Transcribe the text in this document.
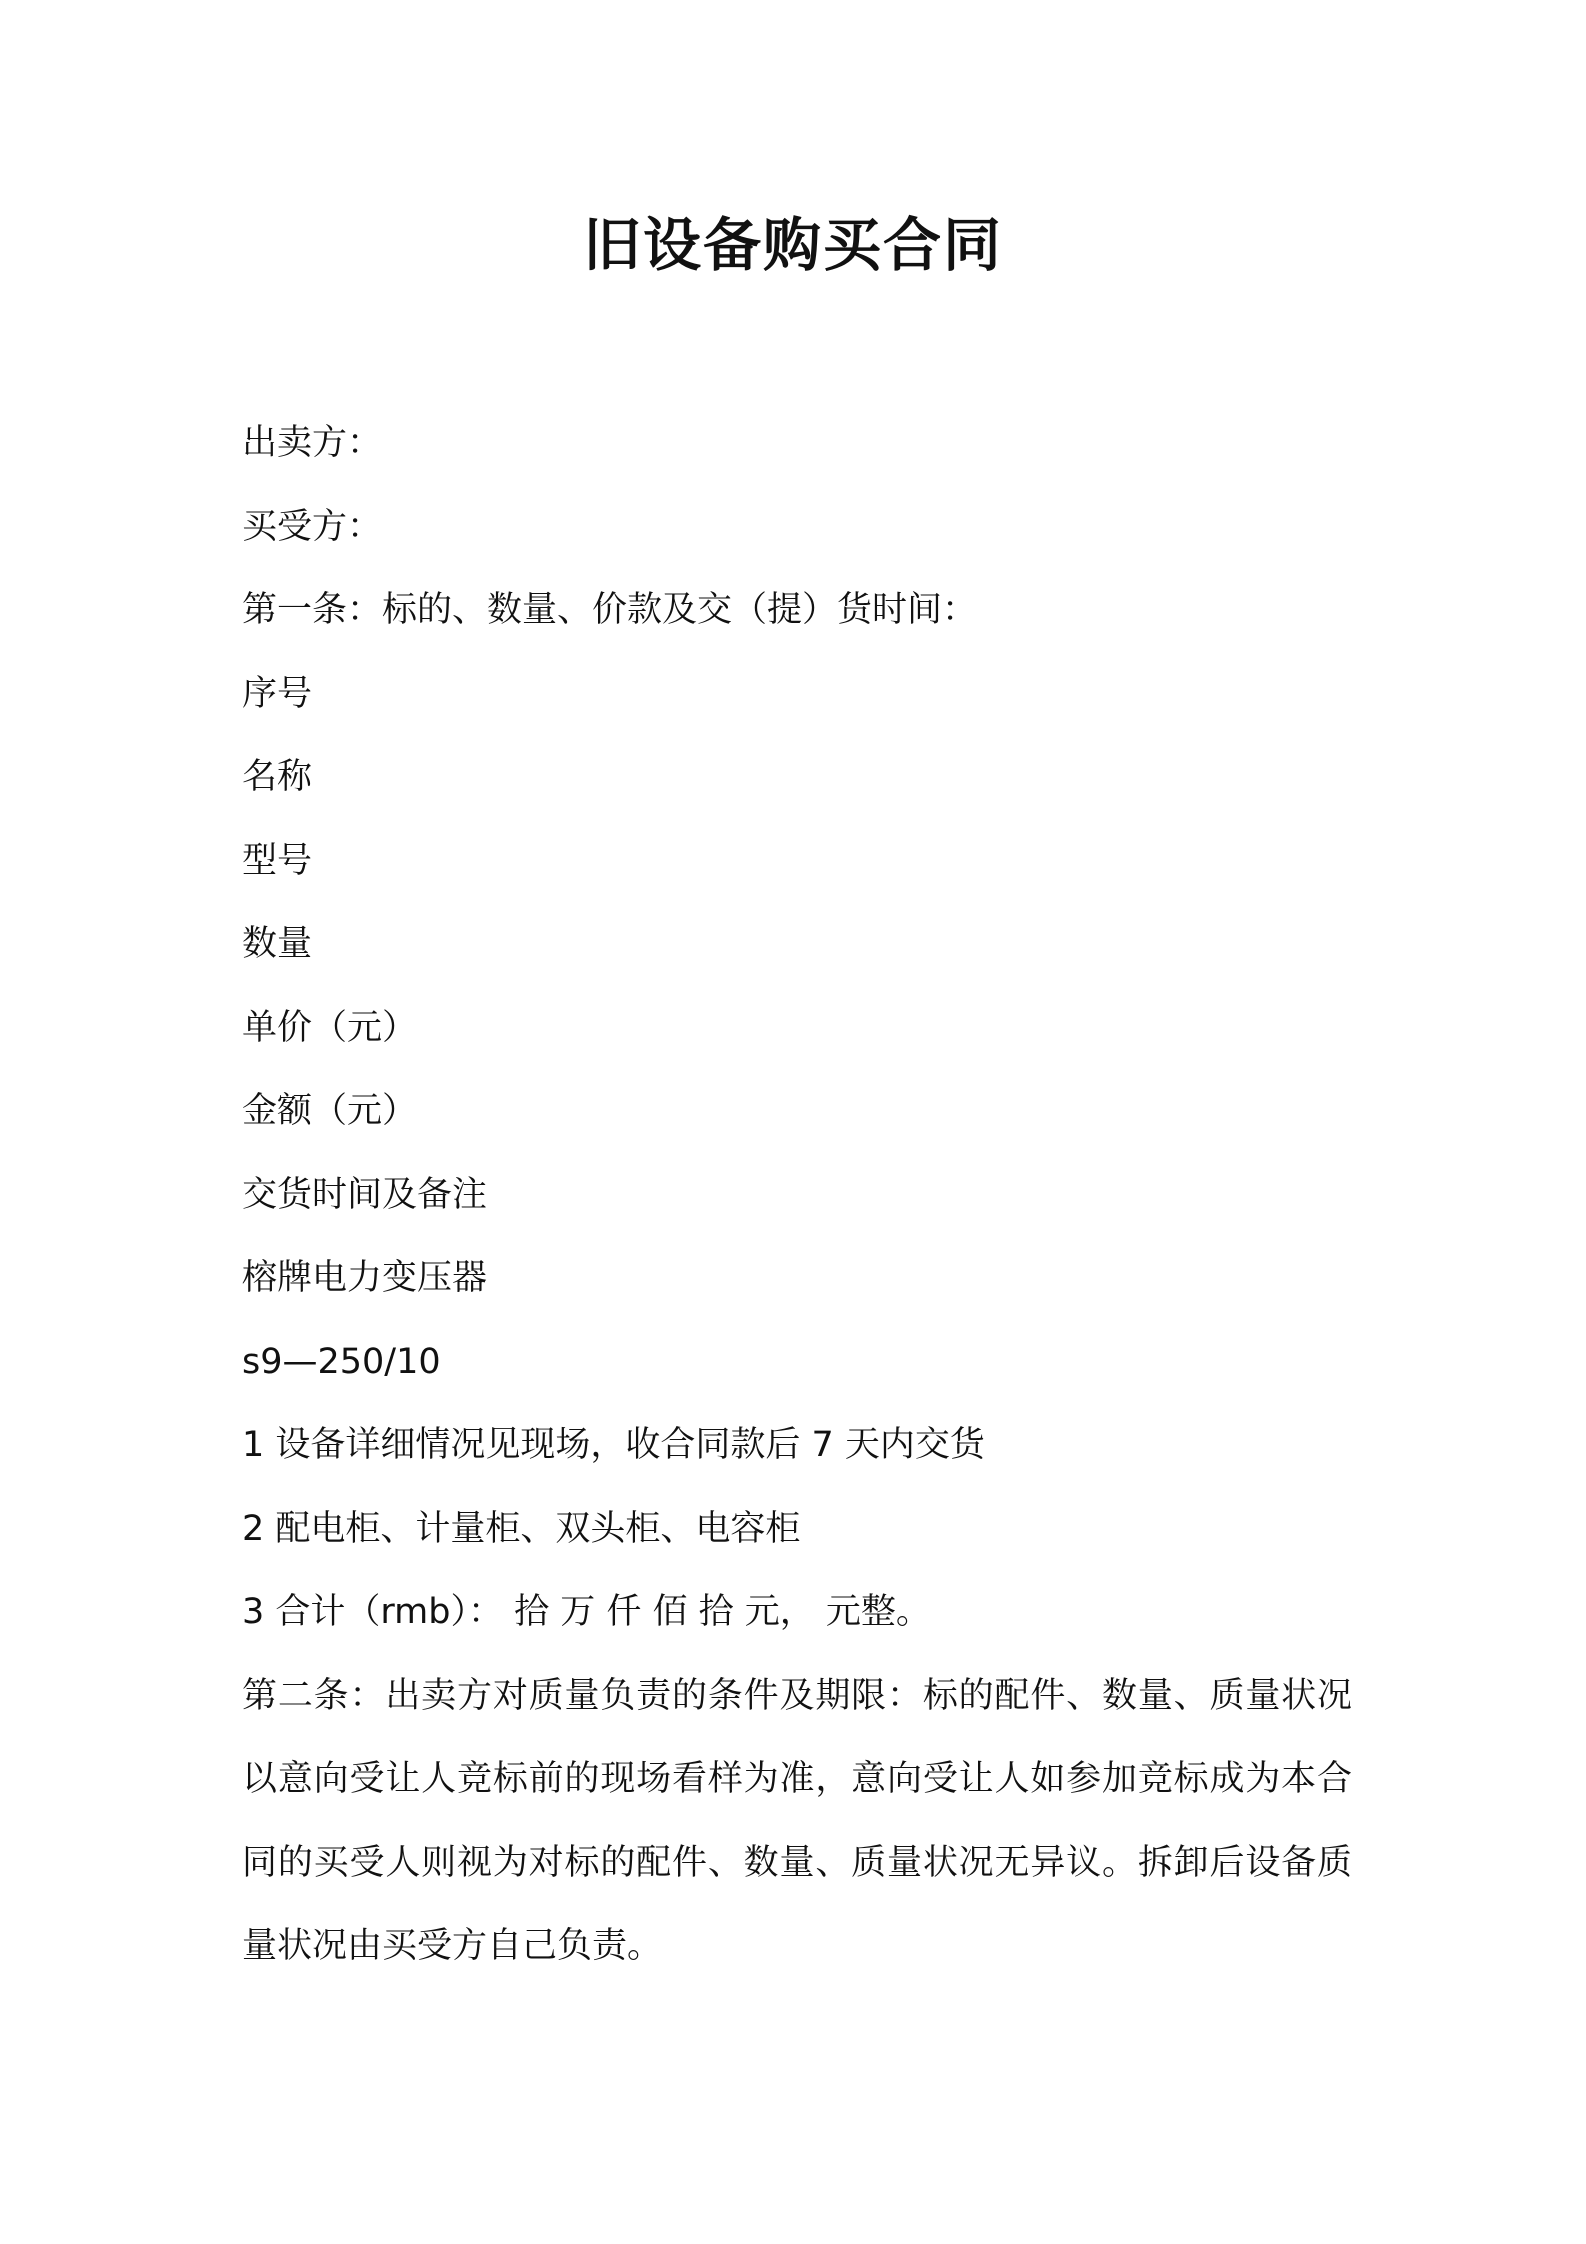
旧设备购买合同

出卖方：

买受方：

第一条：标的、数量、价款及交（提）货时间：

序号

名称

型号

数量

单价（元）

金额（元）

交货时间及备注

榕牌电力变压器

s9—250/10

1 设备详细情况见现场，收合同款后 7 天内交货

2 配电柜、计量柜、双头柜、电容柜

3 合计（rmb）： 拾 万 仟 佰 拾 元， 元整。

第二条：出卖方对质量负责的条件及期限：标的配件、数量、质量状况以意向受让人竞标前的现场看样为准，意向受让人如参加竞标成为本合同的买受人则视为对标的配件、数量、质量状况无异议。拆卸后设备质量状况由买受方自己负责。
